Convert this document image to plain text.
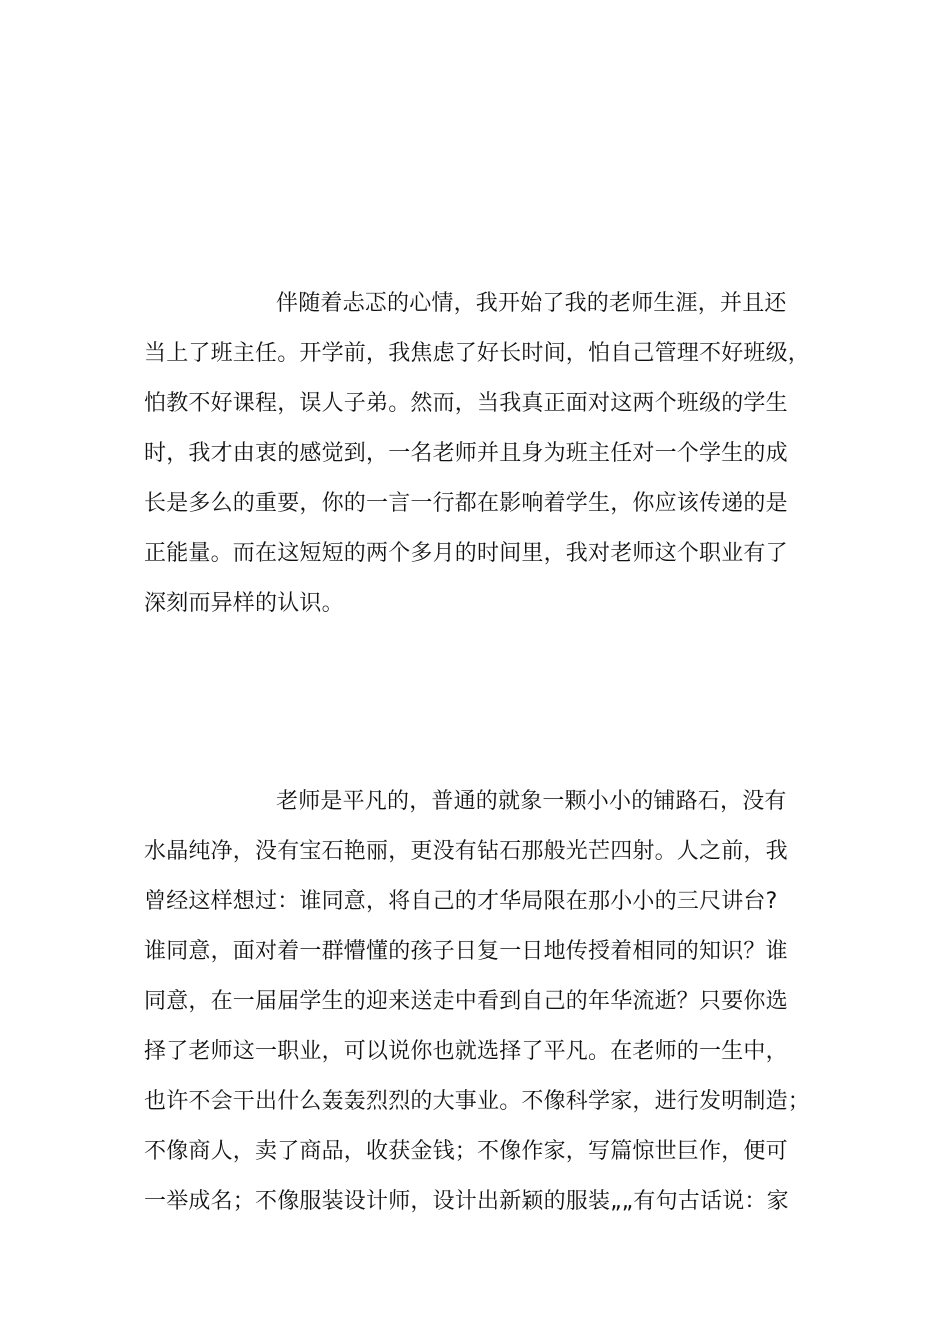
伴随着忐忑的心情，我开始了我的老师生涯，并且还
当上了班主任。开学前，我焦虑了好长时间，怕自己管理不好班级，
怕教不好课程，误人子弟。然而，当我真正面对这两个班级的学生
时，我才由衷的感觉到，一名老师并且身为班主任对一个学生的成
长是多么的重要，你的一言一行都在影响着学生，你应该传递的是
正能量。而在这短短的两个多月的时间里，我对老师这个职业有了
深刻而异样的认识。
老师是平凡的，普通的就象一颗小小的铺路石，没有
水晶纯净，没有宝石艳丽，更没有钻石那般光芒四射。人之前，我
曾经这样想过：谁同意，将自己的才华局限在那小小的三尺讲台?
谁同意，面对着一群懵懂的孩子日复一日地传授着相同的知识？谁
同意，在一届届学生的迎来送走中看到自己的年华流逝？只要你选
择了老师这一职业，可以说你也就选择了平凡。在老师的一生中，
也许不会干出什么轰轰烈烈的大事业。不像科学家，进行发明制造；
不像商人，卖了商品，收获金钱；不像作家，写篇惊世巨作，便可
一举成名；不像服装设计师，设计出新颖的服装„„有句古话说：家
